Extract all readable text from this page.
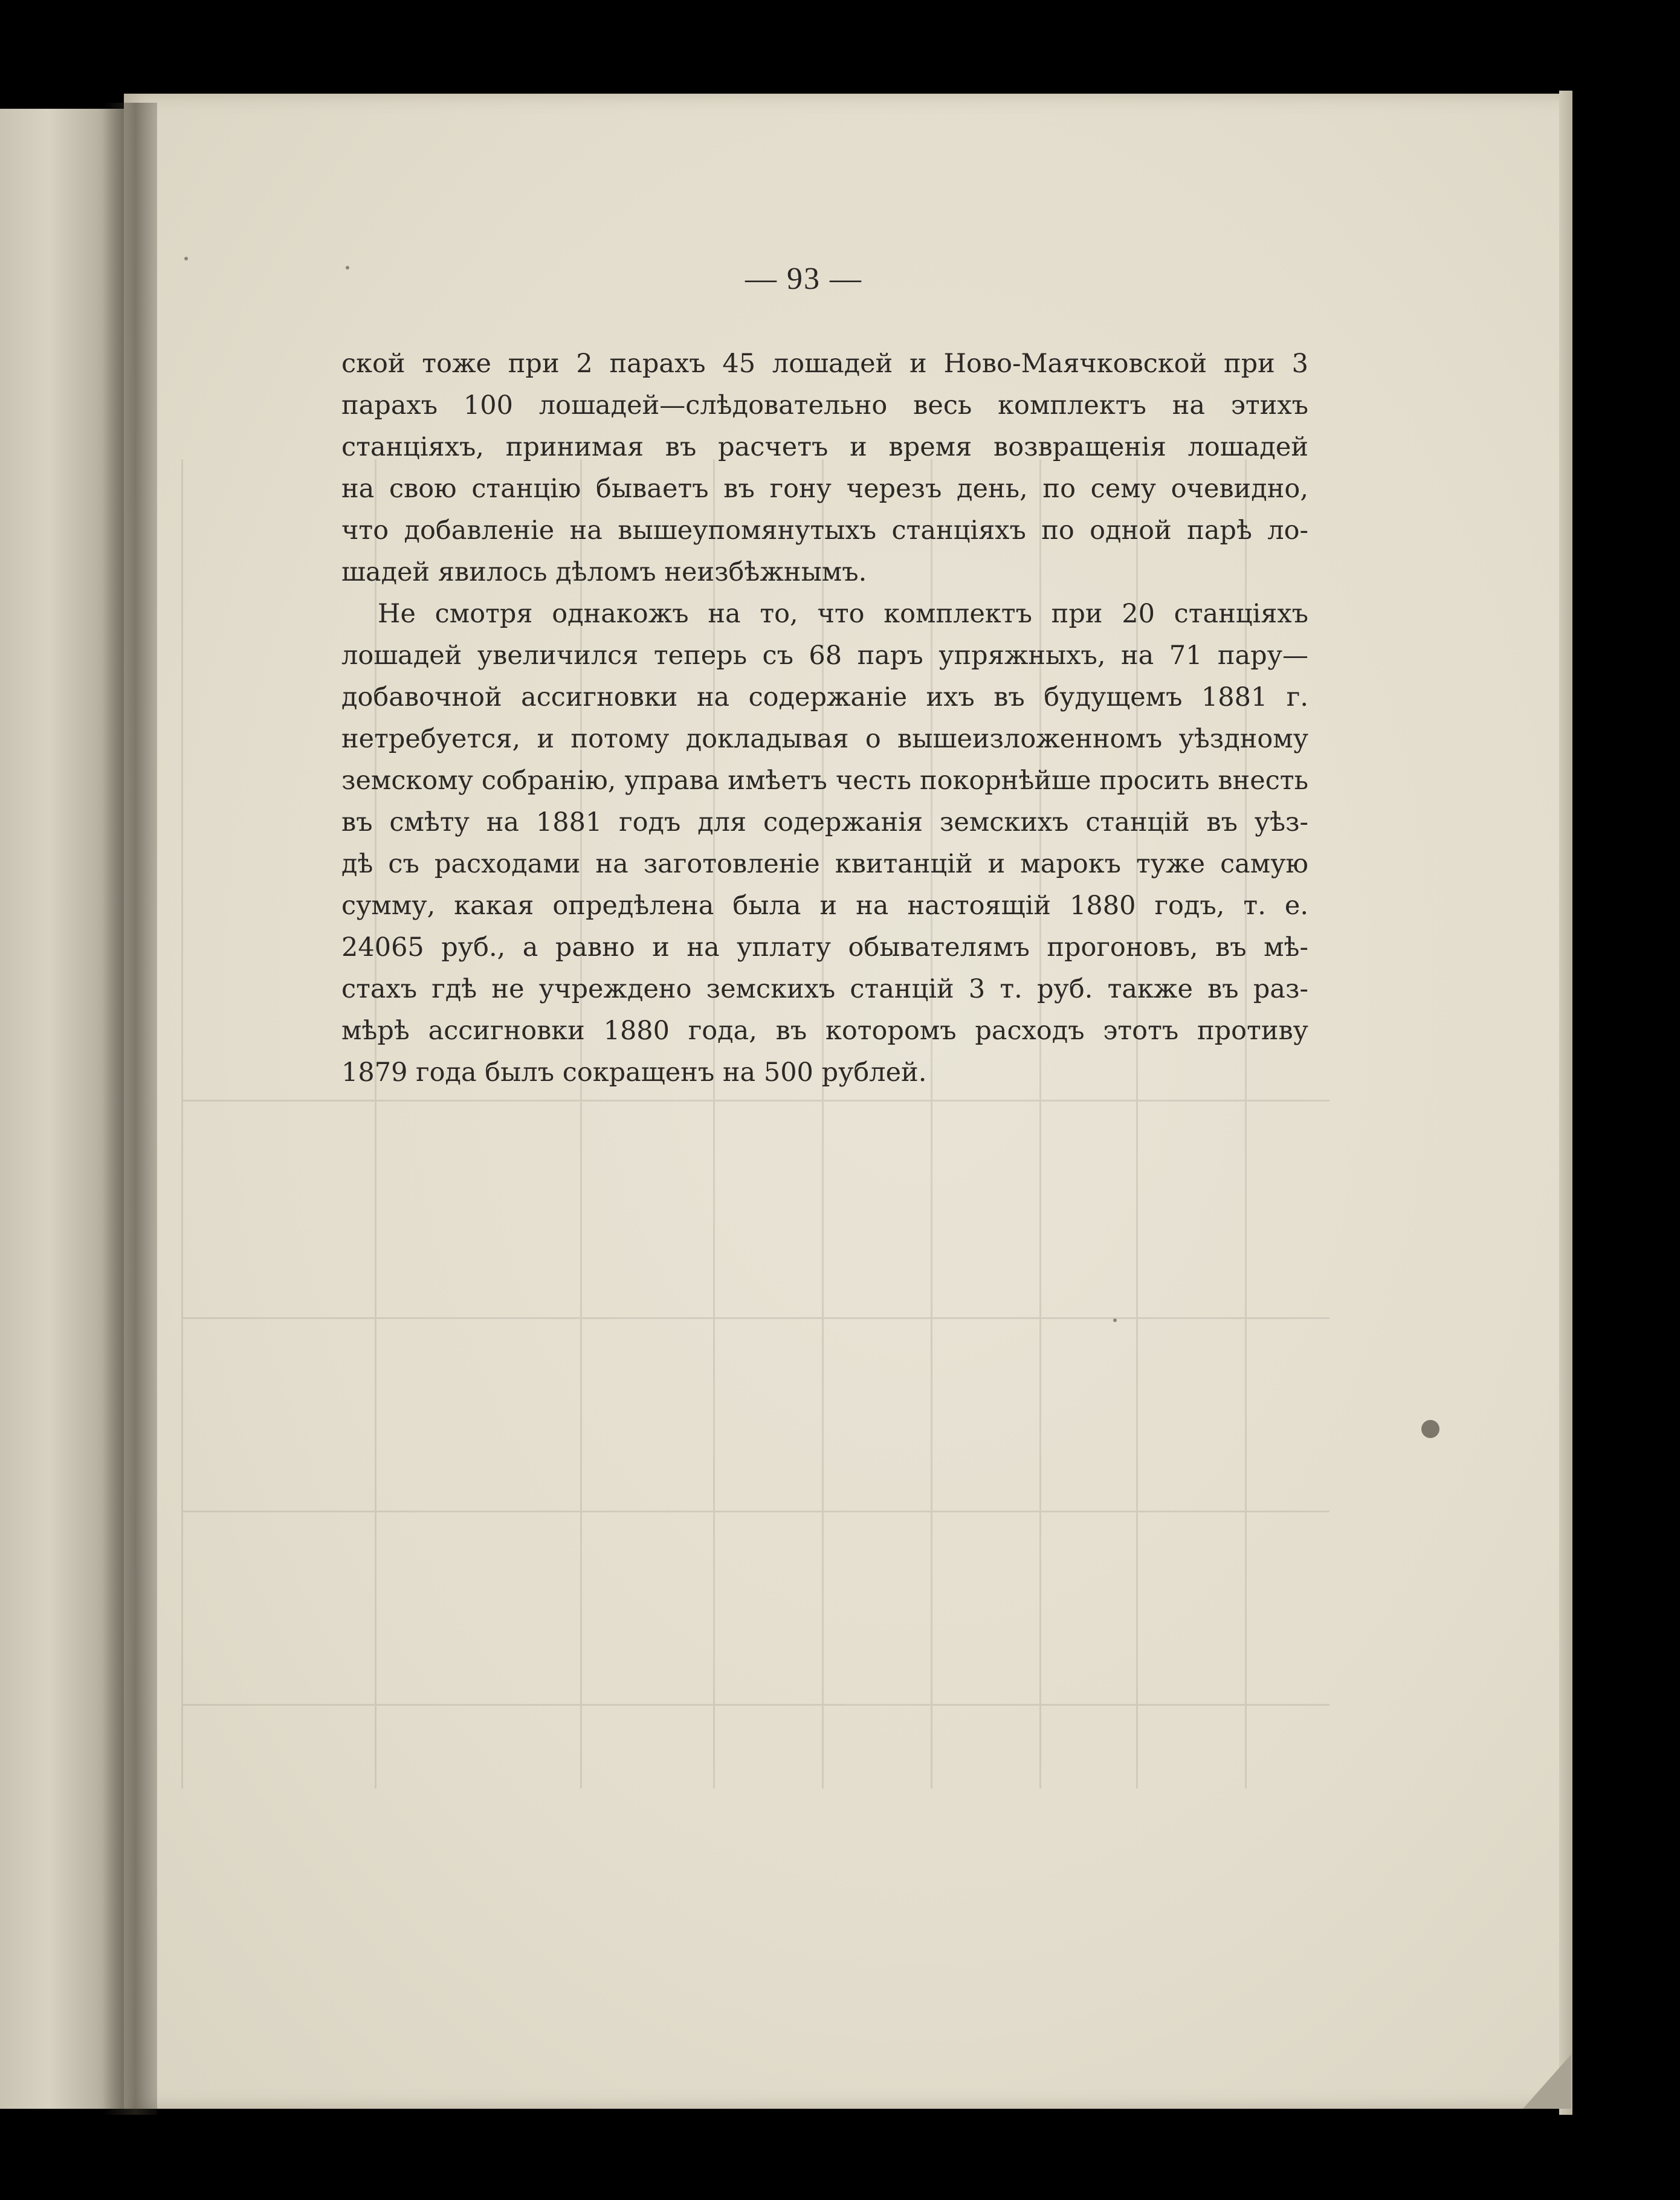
— 93 —

ской тоже при 2 парахъ 45 лошадей и Ново-Маячковской при 3
парахъ 100 лошадей—слѣдовательно весь комплектъ на этихъ
станціяхъ, принимая въ расчетъ и время возвращенія лошадей
на свою станцію бываетъ въ гону черезъ день, по сему очевидно,
что добавленіе на вышеупомянутыхъ станціяхъ по одной парѣ ло-
шадей явилось дѣломъ неизбѣжнымъ.

Не смотря однакожъ на то, что комплектъ при 20 станціяхъ
лошадей увеличился теперь съ 68 паръ упряжныхъ, на 71 пару—
добавочной ассигновки на содержаніе ихъ въ будущемъ 1881 г.
нетребуется, и потому докладывая о вышеизложенномъ уѣздному
земскому собранію, управа имѣетъ честь покорнѣйше просить внесть
въ смѣту на 1881 годъ для содержанія земскихъ станцій въ уѣз-
дѣ съ расходами на заготовленіе квитанцій и марокъ туже самую
сумму, какая опредѣлена была и на настоящій 1880 годъ, т. е.
24065 руб., а равно и на уплату обывателямъ прогоновъ, въ мѣ-
стахъ гдѣ не учреждено земскихъ станцій 3 т. руб. также въ раз-
мѣрѣ ассигновки 1880 года, въ которомъ расходъ этотъ противу
1879 года былъ сокращенъ на 500 рублей.
